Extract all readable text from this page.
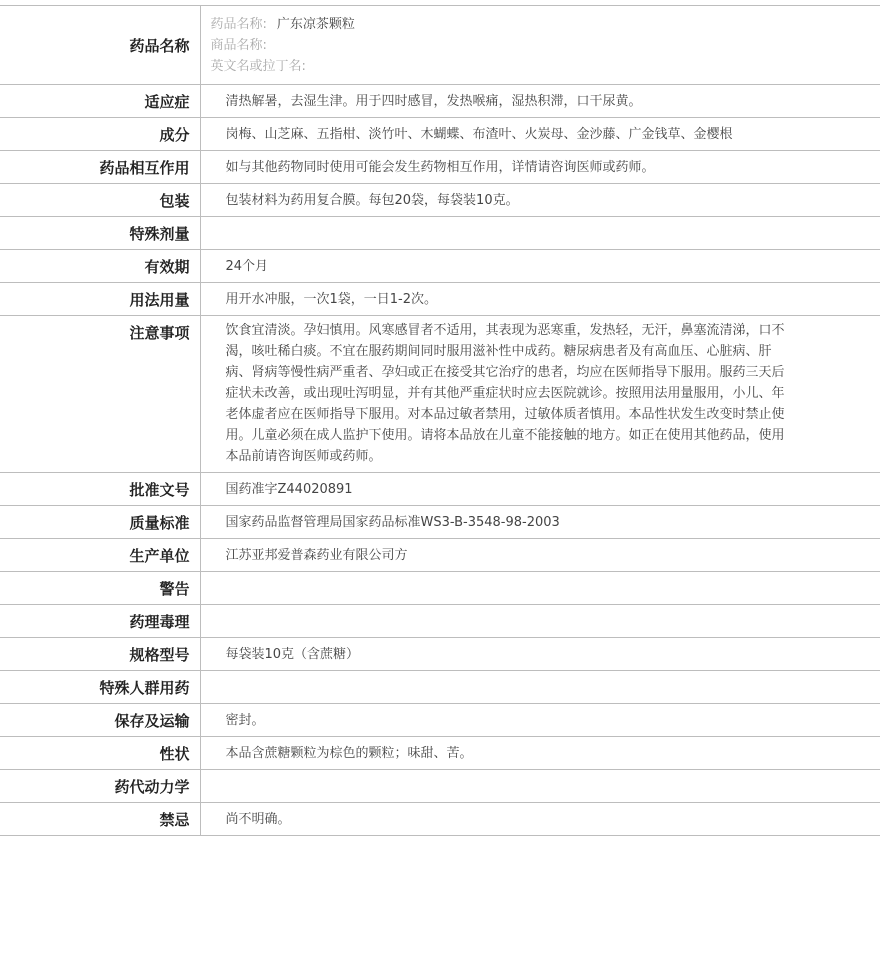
药品名称	药品名称: 广东凉茶颗粒
商品名称:
英文名或拉丁名:

适应症	清热解暑，去湿生津。用于四时感冒，发热喉痛，湿热积滞，口干尿黄。
成分	岗梅、山芝麻、五指柑、淡竹叶、木蝴蝶、布渣叶、火炭母、金沙藤、广金钱草、金樱根
药品相互作用	如与其他药物同时使用可能会发生药物相互作用，详情请咨询医师或药师。
包装	包装材料为药用复合膜。每包20袋，每袋装10克。
特殊剂量	
有效期	24个月
用法用量	用开水冲服，一次1袋，一日1-2次。
注意事项	饮食宜清淡。孕妇慎用。风寒感冒者不适用，其表现为恶寒重，发热轻，无汗，鼻塞流清涕，口不渴，咳吐稀白痰。不宜在服药期间同时服用滋补性中成药。糖尿病患者及有高血压、心脏病、肝病、肾病等慢性病严重者、孕妇或正在接受其它治疗的患者，均应在医师指导下服用。服药三天后症状未改善，或出现吐泻明显，并有其他严重症状时应去医院就诊。按照用法用量服用，小儿、年老体虚者应在医师指导下服用。对本品过敏者禁用，过敏体质者慎用。本品性状发生改变时禁止使用。儿童必须在成人监护下使用。请将本品放在儿童不能接触的地方。如正在使用其他药品，使用本品前请咨询医师或药师。
批准文号	国药准字Z44020891
质量标准	国家药品监督管理局国家药品标准WS3-B-3548-98-2003
生产单位	江苏亚邦爱普森药业有限公司方
警告	
药理毒理	
规格型号	每袋装10克（含蔗糖）
特殊人群用药	
保存及运输	密封。
性状	本品含蔗糖颗粒为棕色的颗粒；味甜、苦。
药代动力学	
禁忌	尚不明确。
